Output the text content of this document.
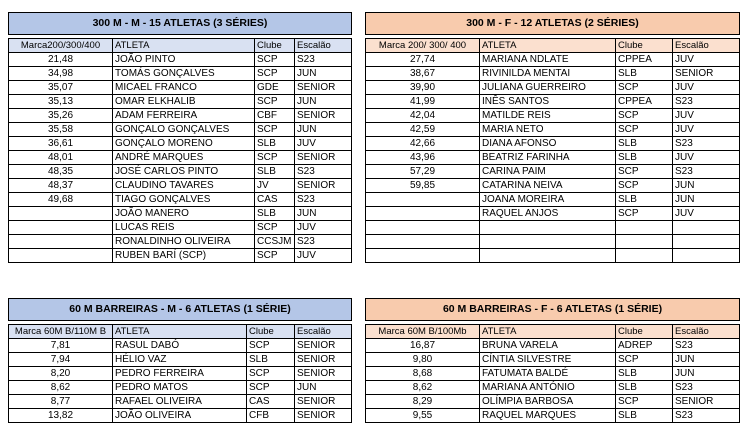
300 M - M - 15 ATLETAS (3 SÉRIES)			

Marca200/300/400	ATLETA	Clube	Escalão
21,48	JOÃO PINTO	SCP	S23
34,98	TOMÁS GONÇALVES	SCP	JUN
35,07	MICAEL FRANCO	GDE	SENIOR
35,13	OMAR ELKHALIB	SCP	JUN
35,26	ADAM FERREIRA	CBF	SENIOR
35,58	GONÇALO GONÇALVES	SCP	JUN
36,61	GONÇALO MORENO	SLB	JUV
48,01	ANDRÉ MARQUES	SCP	SENIOR
48,35	JOSÉ CARLOS PINTO	SLB	S23
48,37	CLAUDINO TAVARES	JV	SENIOR
49,68	TIAGO GONÇALVES	CAS	S23
	JOÃO MANERO	SLB	JUN
	LUCAS REIS	SCP	JUV
	RONALDINHO OLIVEIRA	CCSJM	S23
	RUBEN BARÍ (SCP)	SCP	JUV
300 M - F - 12 ATLETAS (2 SÉRIES)			

Marca 200/ 300/ 400	ATLETA	Clube	Escalão
27,74	MARIANA NDLATE	CPPEA	JUV
38,67	RIVINILDA MENTAI	SLB	SENIOR
39,90	JULIANA GUERREIRO	SCP	JUV
41,99	INÊS SANTOS	CPPEA	S23
42,04	MATILDE REIS	SCP	JUV
42,59	MARIA NETO	SCP	JUV
42,66	DIANA AFONSO	SLB	S23
43,96	BEATRIZ FARINHA	SLB	JUV
57,29	CARINA PAIM	SCP	S23
59,85	CATARINA NEIVA	SCP	JUN
	JOANA MOREIRA	SLB	JUN
	RAQUEL ANJOS	SCP	JUV

60 M BARREIRAS - M - 6 ATLETAS (1 SÉRIE)			

Marca 60M B/110M B	ATLETA	Clube	Escalão
7,81	RASUL DABÓ	SCP	SENIOR
7,94	HÉLIO VAZ	SLB	SENIOR
8,20	PEDRO FERREIRA	SCP	SENIOR
8,62	PEDRO MATOS	SCP	JUN
8,77	RAFAEL OLIVEIRA	CAS	SENIOR
13,82	JOÃO OLIVEIRA	CFB	SENIOR
60 M BARREIRAS - F - 6 ATLETAS (1 SÉRIE)			

Marca 60M B/100Mb	ATLETA	Clube	Escalão
16,87	BRUNA VARELA	ADREP	S23
9,80	CÍNTIA SILVESTRE	SCP	JUN
8,68	FATUMATA BALDÉ	SLB	JUN
8,62	MARIANA ANTÓNIO	SLB	S23
8,29	OLÍMPIA BARBOSA	SCP	SENIOR
9,55	RAQUEL MARQUES	SLB	S23
